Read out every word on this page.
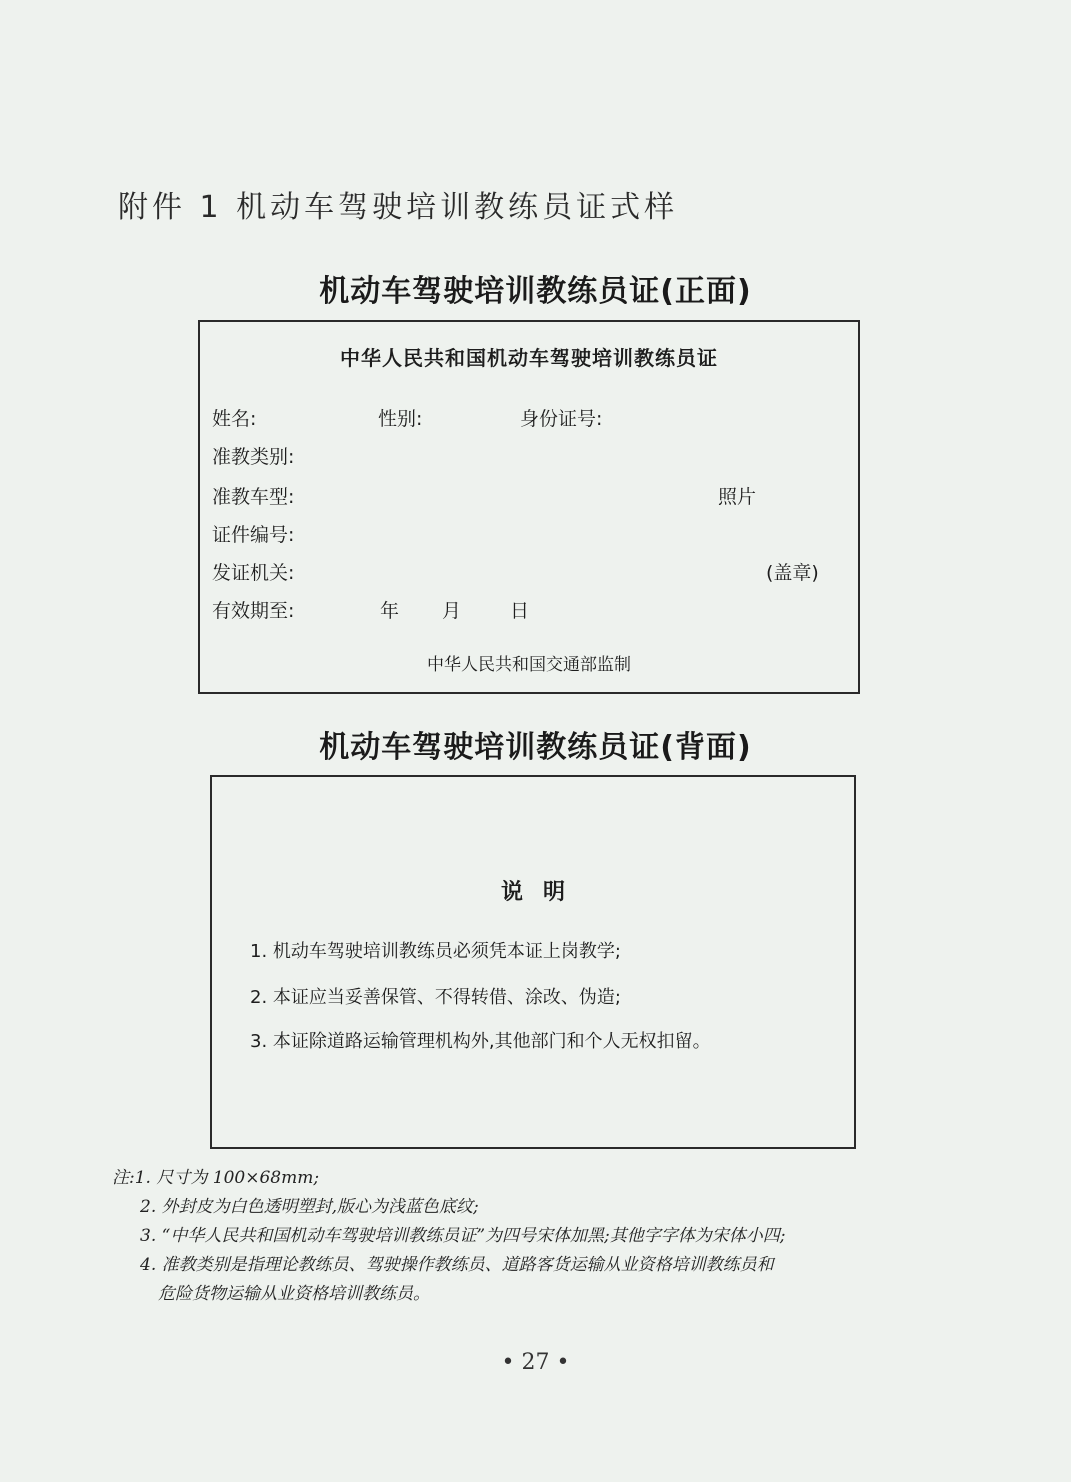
附件 1 机动车驾驶培训教练员证式样
机动车驾驶培训教练员证(正面)
中华人民共和国机动车驾驶培训教练员证
姓名:	性别:	身份证号:
准教类别:
准教车型:	照片
证件编号:
发证机关:	(盖章)
有效期至:	年 月	日
中华人民共和国交通部监制
机动车驾驶培训教练员证(背面)
说明
1. 机动车驾驶培训教练员必须凭本证上岗教学;
2. 本证应当妥善保管、不得转借、涂改、伪造;
3. 本证除道路运输管理机构外,其他部门和个人无权扣留。
注:1. 尺寸为 100×68mm;
2. 外封皮为白色透明塑封,版心为浅蓝色底纹;
3. “中华人民共和国机动车驾驶培训教练员证”为四号宋体加黑;其他字字体为宋体小四;
4. 准教类别是指理论教练员、驾驶操作教练员、道路客货运输从业资格培训教练员和
危险货物运输从业资格培训教练员。
• 27 •
